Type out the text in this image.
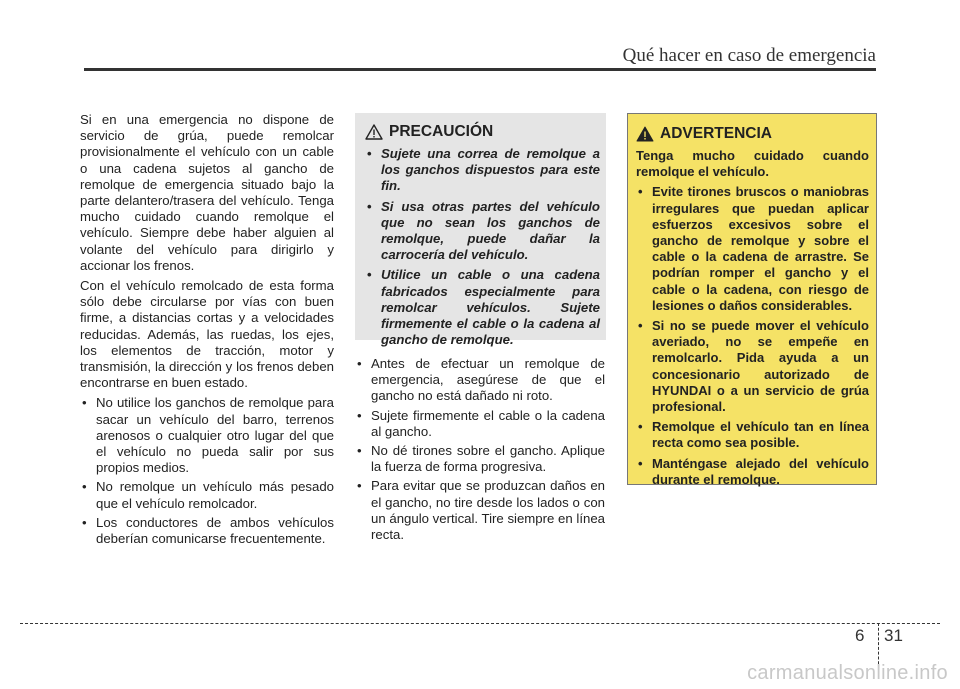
Qué hacer en caso de emergencia

Si en una emergencia no dispone de servicio de grúa, puede remolcar provisionalmente el vehículo con un cable o una cadena sujetos al gancho de remolque de emergencia situado bajo la parte delantero/trasera del vehículo. Tenga mucho cuidado cuando remolque el vehículo. Siempre debe haber alguien al volante del vehículo para dirigirlo y accionar los frenos.

Con el vehículo remolcado de esta forma sólo debe circularse por vías con buen firme, a distancias cortas y a velocidades reducidas. Además, las ruedas, los ejes, los elementos de tracción, motor y transmisión, la dirección y los frenos deben encontrarse en buen estado.

• No utilice los ganchos de remolque para sacar un vehículo del barro, terrenos arenosos o cualquier otro lugar del que el vehículo no pueda salir por sus propios medios.
• No remolque un vehículo más pesado que el vehículo remolcador.
• Los conductores de ambos vehículos deberían comunicarse frecuentemente.
PRECAUCIÓN
• Sujete una correa de remolque a los ganchos dispuestos para este fin.
• Si usa otras partes del vehículo que no sean los ganchos de remolque, puede dañar la carrocería del vehículo.
• Utilice un cable o una cadena fabricados especialmente para remolcar vehículos. Sujete firmemente el cable o la cadena al gancho de remolque.
• Antes de efectuar un remolque de emergencia, asegúrese de que el gancho no está dañado ni roto.
• Sujete firmemente el cable o la cadena al gancho.
• No dé tirones sobre el gancho. Aplique la fuerza de forma progresiva.
• Para evitar que se produzcan daños en el gancho, no tire desde los lados o con un ángulo vertical. Tire siempre en línea recta.
ADVERTENCIA

Tenga mucho cuidado cuando remolque el vehículo.

• Evite tirones bruscos o maniobras irregulares que puedan aplicar esfuerzos excesivos sobre el gancho de remolque y sobre el cable o la cadena de arrastre. Se podrían romper el gancho y el cable o la cadena, con riesgo de lesiones o daños considerables.
• Si no se puede mover el vehículo averiado, no se empeñe en remolcarlo. Pida ayuda a un concesionario autorizado de HYUNDAI o a un servicio de grúa profesional.
• Remolque el vehículo tan en línea recta como sea posible.
• Manténgase alejado del vehículo durante el remolque.
6 31
carmanualsonline.info
